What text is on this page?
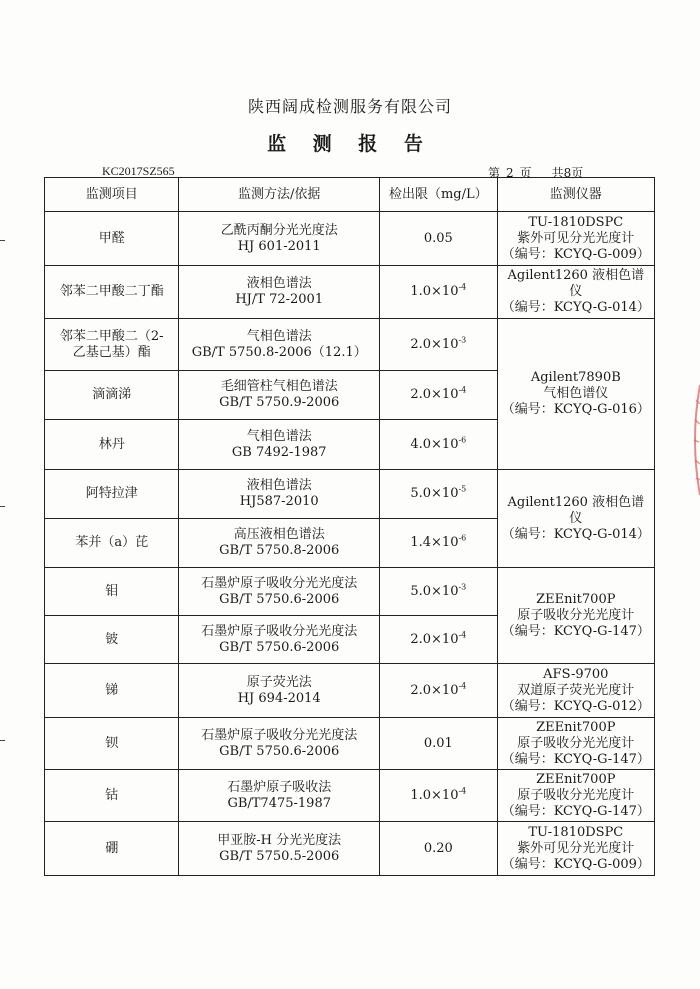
陕西阔成检测服务有限公司
监 测 报 告
KC2017SZ565	第 2 页 共8页
监测项目	监测方法/依据	检出限（mg/L）	监测仪器
甲醛	乙酰丙酮分光光度法
HJ 601-2011	0.05	TU-1810DSPC
紫外可见分光光度计
（编号：KCYQ-G-009）

邻苯二甲酸二丁酯	液相色谱法
HJ/T 72-2001	$1.0\times 10^{-4}$	Agilent1260 液相色谱仪
（编号：KCYQ-G-014）

邻苯二甲酸二（2-
乙基己基）酯	气相色谱法
GB/T 5750.8-2006（12.1）	$2.0\times 10^{-3}$	Agilent7890B
气相色谱仪
（编号：KCYQ-G-016）

滴滴涕	毛细管柱气相色谱法
GB/T 5750.9-2006	$2.0\times 10^{-4}$
林丹	气相色谱法
GB 7492-1987	$4.0\times 10^{-6}$
阿特拉津	液相色谱法
HJ587-2010	$5.0\times 10^{-5}$	Agilent1260 液相色谱仪
（编号：KCYQ-G-014）

苯并（a）芘	高压液相色谱法
GB/T 5750.8-2006	$1.4\times 10^{-6}$
钼	石墨炉原子吸收分光光度法
GB/T 5750.6-2006	$5.0\times 10^{-3}$	ZEEnit700P
原子吸收分光光度计
（编号：KCYQ-G-147）

铍	石墨炉原子吸收分光光度法
GB/T 5750.6-2006	$2.0\times 10^{-4}$
锑	原子荧光法
HJ 694-2014	$2.0\times 10^{-4}$	AFS-9700
双道原子荧光光度计
（编号：KCYQ-G-012）

钡	石墨炉原子吸收分光光度法
GB/T 5750.6-2006	0.01	ZEEnit700P
原子吸收分光光度计
（编号：KCYQ-G-147）

钴	石墨炉原子吸收法
GB/T7475-1987	$1.0\times 10^{-4}$	ZEEnit700P
原子吸收分光光度计
（编号：KCYQ-G-147）

硼	甲亚胺-H 分光光度法
GB/T 5750.5-2006	0.20	TU-1810DSPC
紫外可见分光光度计
（编号：KCYQ-G-009）
